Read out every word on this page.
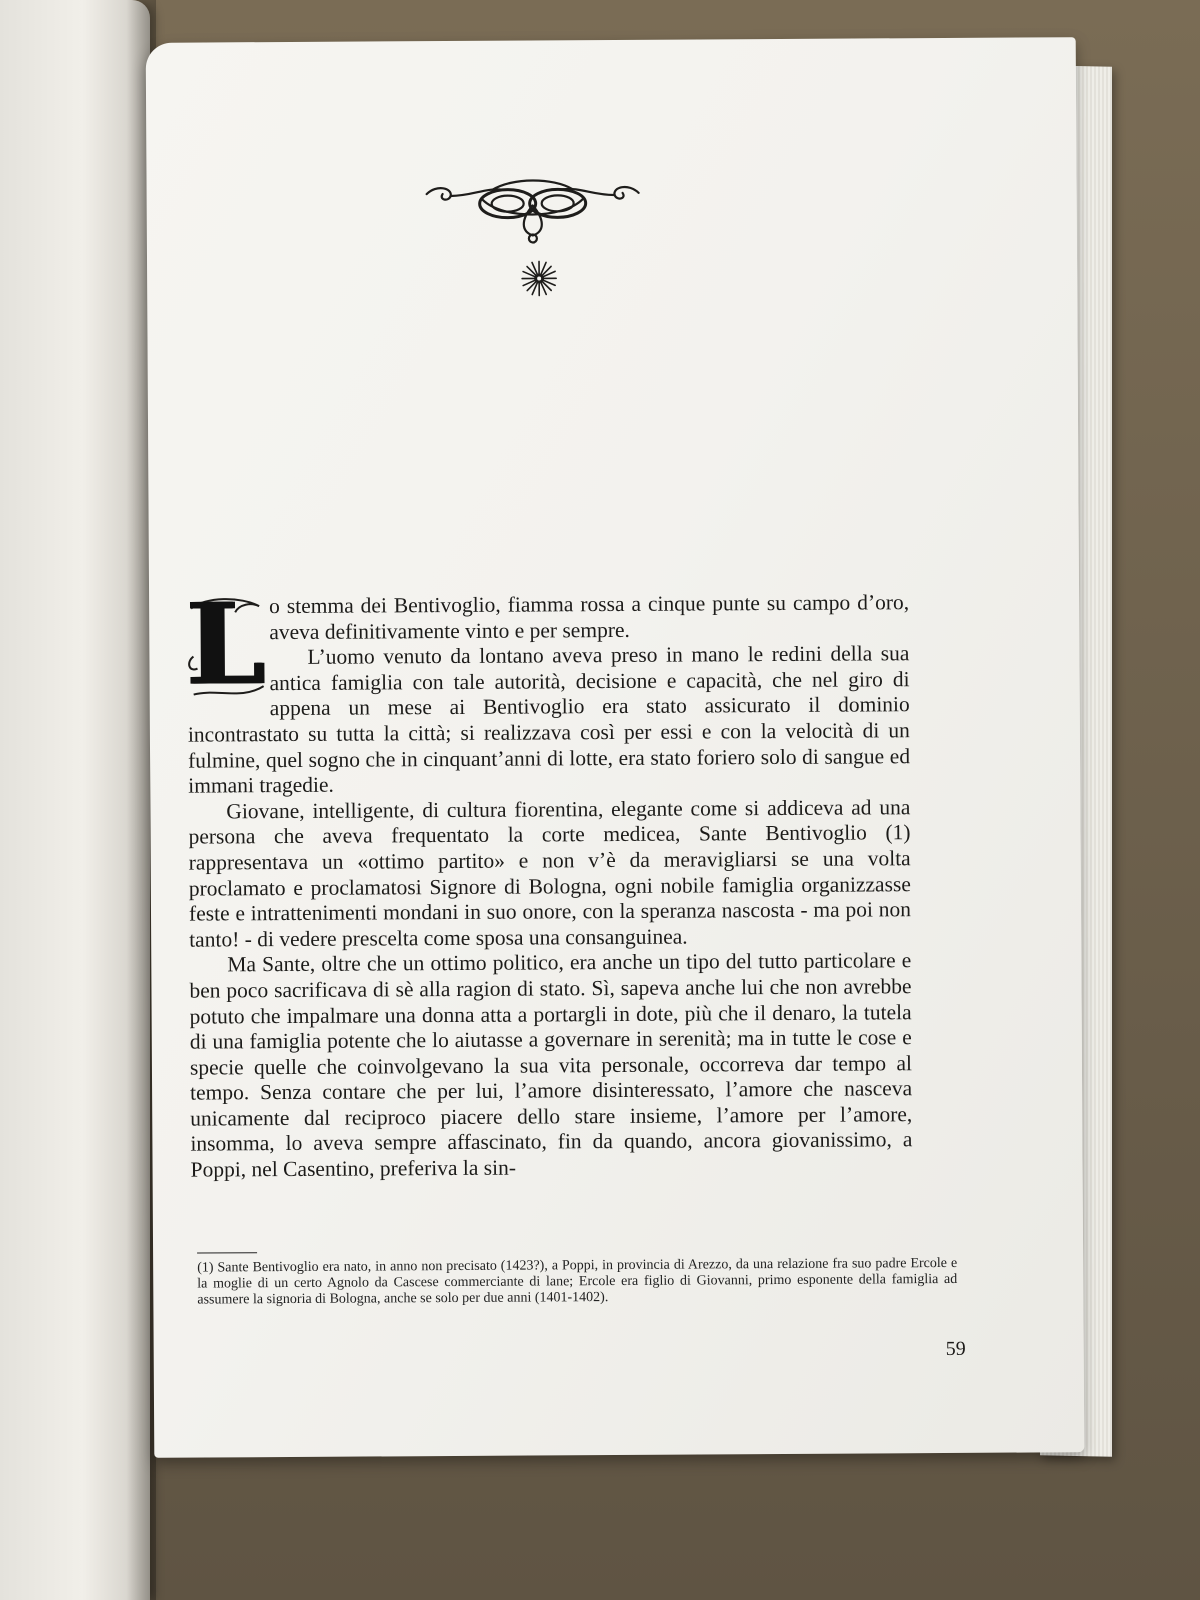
L o stemma dei Bentivoglio, fiamma rossa a cinque punte su campo d’oro, aveva definitivamente vinto e per sempre.

L’uomo venuto da lontano aveva preso in mano le redini della sua antica famiglia con tale autorità, decisione e capacità, che nel giro di appena un mese ai Bentivoglio era stato assicurato il dominio incontrastato su tutta la città; si realizzava così per essi e con la velocità di un fulmine, quel sogno che in cinquant’anni di lotte, era stato foriero solo di sangue ed immani tragedie.

Giovane, intelligente, di cultura fiorentina, elegante come si addiceva ad una persona che aveva frequentato la corte medicea, Sante Bentivoglio (1) rappresentava un «ottimo partito» e non v’è da meravigliarsi se una volta proclamato e proclamatosi Signore di Bologna, ogni nobile famiglia organizzasse feste e intrattenimenti mondani in suo onore, con la speranza nascosta - ma poi non tanto! - di vedere prescelta come sposa una consanguinea.

Ma Sante, oltre che un ottimo politico, era anche un tipo del tutto particolare e ben poco sacrificava di sè alla ragion di stato. Sì, sapeva anche lui che non avrebbe potuto che impalmare una donna atta a portargli in dote, più che il denaro, la tutela di una famiglia potente che lo aiutasse a governare in serenità; ma in tutte le cose e specie quelle che coinvolgevano la sua vita personale, occorreva dar tempo al tempo. Senza contare che per lui, l’amore disinteressato, l’amore che nasceva unicamente dal reciproco piacere dello stare insieme, l’amore per l’amore, insomma, lo aveva sempre affascinato, fin da quando, ancora giovanissimo, a Poppi, nel Casentino, preferiva la sin-

(1) Sante Bentivoglio era nato, in anno non precisato (1423?), a Poppi, in provincia di Arezzo, da una relazione fra suo padre Ercole e la moglie di un certo Agnolo da Cascese commerciante di lane; Ercole era figlio di Giovanni, primo esponente della famiglia ad assumere la signoria di Bologna, anche se solo per due anni (1401-1402).
59
